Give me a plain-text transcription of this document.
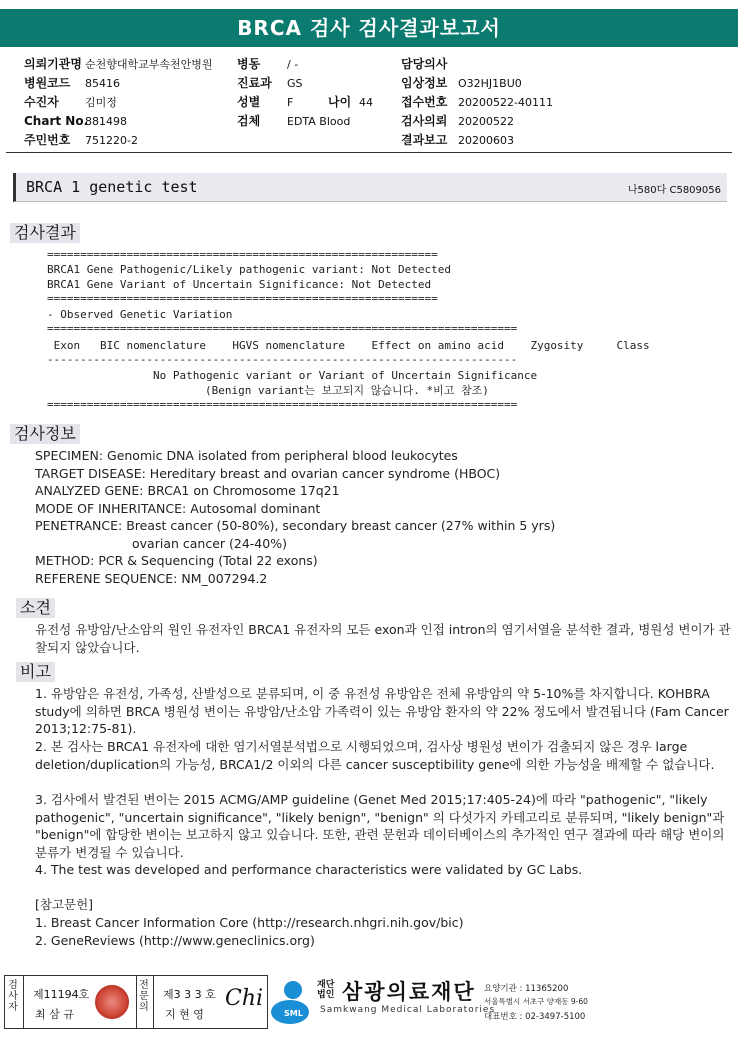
BRCA 검사 검사결과보고서
의뢰기관명 순천향대학교부속천안병원
병원코드 85416
수진자 김미정
Chart No.881498
주민번호 751220-2
병동 / -
진료과 GS
성별 F	나이 44
검체 EDTA Blood
담당의사
임상정보 O32HJ1BU0
접수번호 20200522-40111
검사의뢰 20200522
결과보고 20200603
BRCA 1 genetic test	나580다 C5809056
검사결과
===========================================================
BRCA1 Gene Pathogenic/Likely pathogenic variant: Not Detected
BRCA1 Gene Variant of Uncertain Significance: Not Detected
===========================================================
- Observed Genetic Variation
=======================================================================
Exon   BIC nomenclature    HGVS nomenclature    Effect on amino acid    Zygosity     Class
-----------------------------------------------------------------------
No Pathogenic variant or Variant of Uncertain Significance
(Benign variant는 보고되지 않습니다. *비고 참조)
=======================================================================
검사정보
SPECIMEN: Genomic DNA isolated from peripheral blood leukocytes
TARGET DISEASE: Hereditary breast and ovarian cancer syndrome (HBOC)
ANALYZED GENE: BRCA1 on Chromosome 17q21
MODE OF INHERITANCE: Autosomal dominant
PENETRANCE: Breast cancer (50-80%), secondary breast cancer (27% within 5 yrs)
ovarian cancer (24-40%)
METHOD: PCR & Sequencing (Total 22 exons)
REFERENE SEQUENCE: NM_007294.2
소견
유전성 유방암/난소암의 원인 유전자인 BRCA1 유전자의 모든 exon과 인접 intron의 염기서열을 분석한 결과, 병원성 변이가 관찰되지 않았습니다.
비고
1. 유방암은 유전성, 가족성, 산발성으로 분류되며, 이 중 유전성 유방암은 전체 유방암의 약 5-10%를 차지합니다. KOHBRA study에 의하면 BRCA 병원성 변이는 유방암/난소암 가족력이 있는 유방암 환자의 약 22% 정도에서 발견됩니다 (Fam Cancer 2013;12:75-81).
2. 본 검사는 BRCA1 유전자에 대한 염기서열분석법으로 시행되었으며, 검사상 병원성 변이가 검출되지 않은 경우 large deletion/duplication의 가능성, BRCA1/2 이외의 다른 cancer susceptibility gene에 의한 가능성을 배제할 수 없습니다.
3. 검사에서 발견된 변이는 2015 ACMG/AMP guideline (Genet Med 2015;17:405-24)에 따라 "pathogenic", "likely pathogenic", "uncertain significance", "likely benign", "benign" 의 다섯가지 카테고리로 분류되며, "likely benign"과 "benign"에 합당한 변이는 보고하지 않고 있습니다. 또한, 관련 문헌과 데이터베이스의 추가적인 연구 결과에 따라 해당 변이의 분류가 변경될 수 있습니다.
4. The test was developed and performance characteristics were validated by GC Labs.
[참고문헌]
1. Breast Cancer Information Core (http://research.nhgri.nih.gov/bic)
2. GeneReviews (http://www.geneclinics.org)
검사자
제11194호
최 삼 규
전문의
제3 3 3 호
지 현 영
Chi
SML
재단법인 삼광의료재단
Samkwang Medical Laboratories
요양기관 : 11365200
서울특별시 서초구 양재동 9-60
대표번호 : 02-3497-5100
